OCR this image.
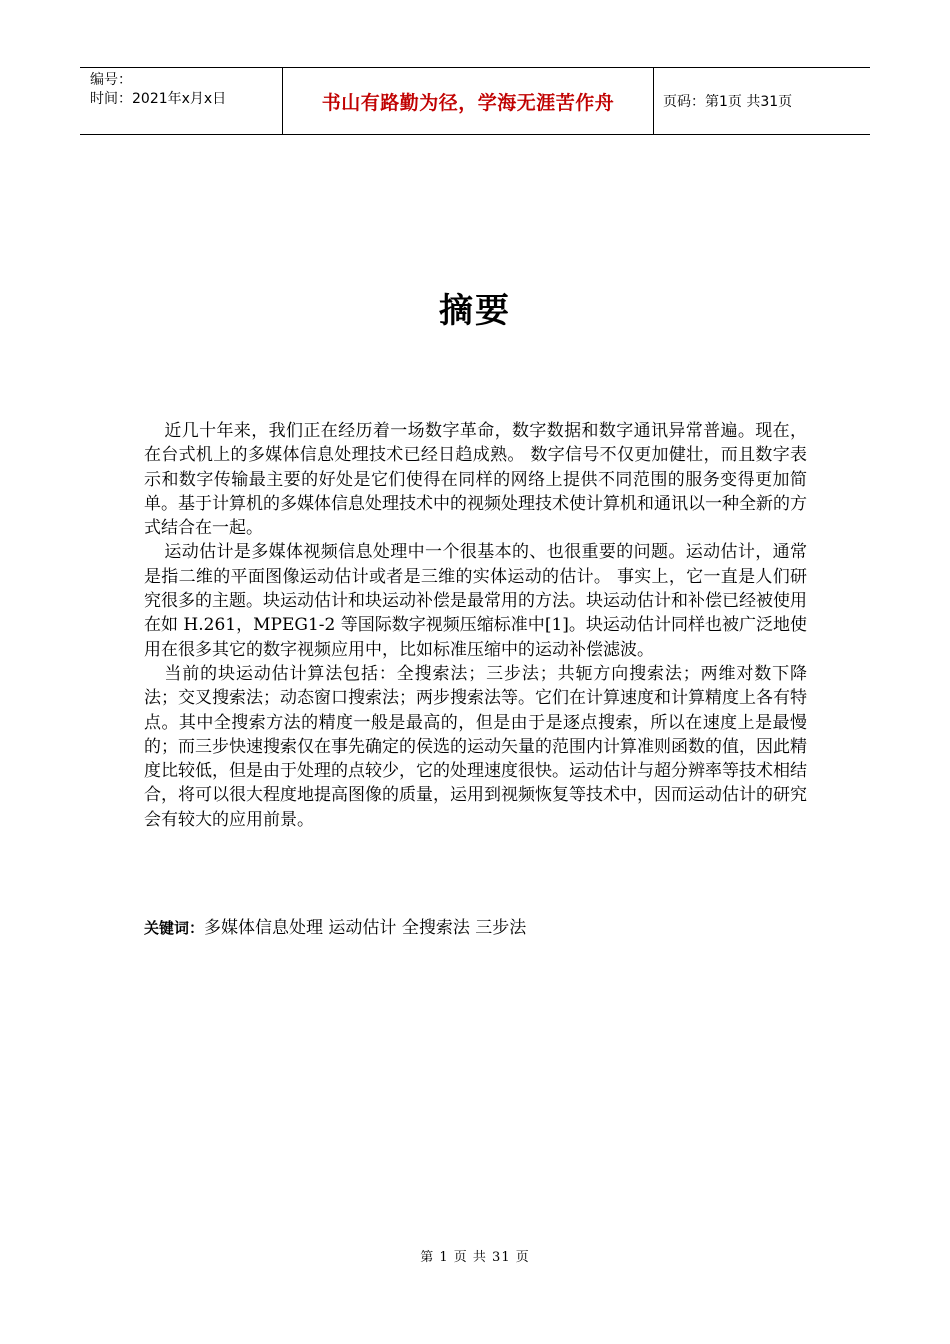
编号：
时间：2021年x月x日	书山有路勤为径，学海无涯苦作舟	页码：第1页 共31页
摘要

近几十年来，我们正在经历着一场数字革命，数字数据和数字通讯异常普遍。现在，在台式机上的多媒体信息处理技术已经日趋成熟。 数字信号不仅更加健壮，而且数字表示和数字传输最主要的好处是它们使得在同样的网络上提供不同范围的服务变得更加简单。基于计算机的多媒体信息处理技术中的视频处理技术使计算机和通讯以一种全新的方式结合在一起。

运动估计是多媒体视频信息处理中一个很基本的、也很重要的问题。运动估计，通常是指二维的平面图像运动估计或者是三维的实体运动的估计。 事实上，它一直是人们研究很多的主题。块运动估计和块运动补偿是最常用的方法。块运动估计和补偿已经被使用在如 H.261，MPEG1-2 等国际数字视频压缩标准中[1]。块运动估计同样也被广泛地使用在很多其它的数字视频应用中，比如标准压缩中的运动补偿滤波。

当前的块运动估计算法包括：全搜索法；三步法；共轭方向搜索法；两维对数下降法；交叉搜索法；动态窗口搜索法；两步搜索法等。它们在计算速度和计算精度上各有特点。其中全搜索方法的精度一般是最高的，但是由于是逐点搜索，所以在速度上是最慢的；而三步快速搜索仅在事先确定的侯选的运动矢量的范围内计算准则函数的值，因此精度比较低，但是由于处理的点较少，它的处理速度很快。运动估计与超分辨率等技术相结合，将可以很大程度地提高图像的质量，运用到视频恢复等技术中，因而运动估计的研究会有较大的应用前景。

关键词：多媒体信息处理 运动估计 全搜索法 三步法
第 1 页 共 31 页
